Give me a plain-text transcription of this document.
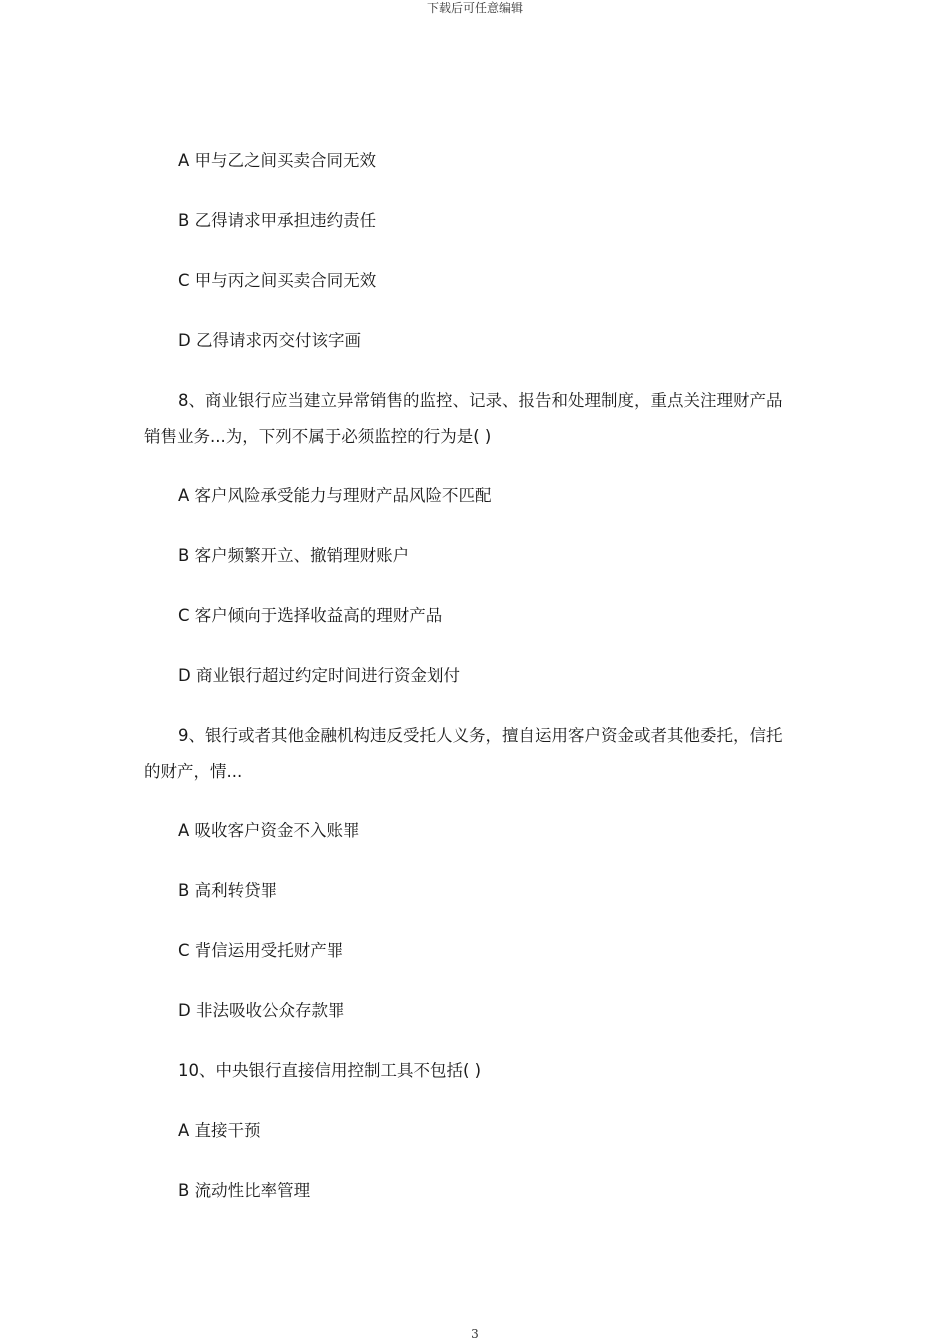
下载后可任意编辑
A 甲与乙之间买卖合同无效
B 乙得请求甲承担违约责任
C 甲与丙之间买卖合同无效
D 乙得请求丙交付该字画
8、商业银行应当建立异常销售的监控、记录、报告和处理制度，重点关注理财产品
销售业务...为，下列不属于必须监控的行为是( )
A 客户风险承受能力与理财产品风险不匹配
B 客户频繁开立、撤销理财账户
C 客户倾向于选择收益高的理财产品
D 商业银行超过约定时间进行资金划付
9、银行或者其他金融机构违反受托人义务，擅自运用客户资金或者其他委托，信托
的财产，情...
A 吸收客户资金不入账罪
B 高利转贷罪
C 背信运用受托财产罪
D 非法吸收公众存款罪
10、中央银行直接信用控制工具不包括( )
A 直接干预
B 流动性比率管理
3
